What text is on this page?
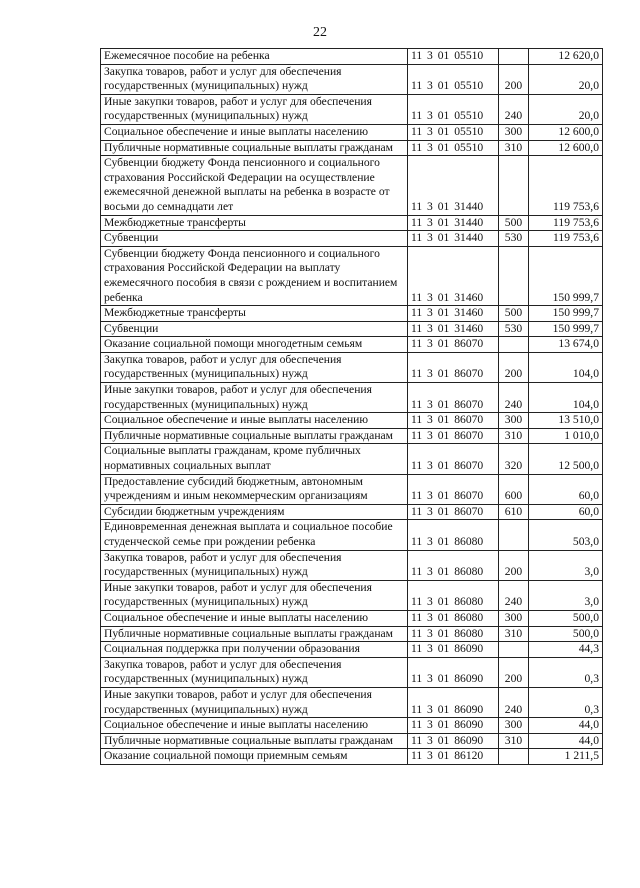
22
Ежемесячное пособие на ребенка	11 3 01 05510		12 620,0
Закупка товаров, работ и услуг для обеспечения государственных (муниципальных) нужд	11 3 01 05510	200	20,0
Иные закупки товаров, работ и услуг для обеспечения государственных (муниципальных) нужд	11 3 01 05510	240	20,0
Социальное обеспечение и иные выплаты населению	11 3 01 05510	300	12 600,0
Публичные нормативные социальные выплаты гражданам	11 3 01 05510	310	12 600,0
Субвенции бюджету Фонда пенсионного и социального страхования Российской Федерации на осуществление ежемесячной денежной выплаты на ребенка в возрасте от восьми до семнадцати лет	11 3 01 31440		119 753,6
Межбюджетные трансферты	11 3 01 31440	500	119 753,6
Субвенции	11 3 01 31440	530	119 753,6
Субвенции бюджету Фонда пенсионного и социального страхования Российской Федерации на выплату ежемесячного пособия в связи с рождением и воспитанием ребенка	11 3 01 31460		150 999,7
Межбюджетные трансферты	11 3 01 31460	500	150 999,7
Субвенции	11 3 01 31460	530	150 999,7
Оказание социальной помощи многодетным семьям	11 3 01 86070		13 674,0
Закупка товаров, работ и услуг для обеспечения государственных (муниципальных) нужд	11 3 01 86070	200	104,0
Иные закупки товаров, работ и услуг для обеспечения государственных (муниципальных) нужд	11 3 01 86070	240	104,0
Социальное обеспечение и иные выплаты населению	11 3 01 86070	300	13 510,0
Публичные нормативные социальные выплаты гражданам	11 3 01 86070	310	1 010,0
Социальные выплаты гражданам, кроме публичных нормативных социальных выплат	11 3 01 86070	320	12 500,0
Предоставление субсидий бюджетным, автономным учреждениям и иным некоммерческим организациям	11 3 01 86070	600	60,0
Субсидии бюджетным учреждениям	11 3 01 86070	610	60,0
Единовременная денежная выплата и социальное пособие студенческой семье при рождении ребенка	11 3 01 86080		503,0
Закупка товаров, работ и услуг для обеспечения государственных (муниципальных) нужд	11 3 01 86080	200	3,0
Иные закупки товаров, работ и услуг для обеспечения государственных (муниципальных) нужд	11 3 01 86080	240	3,0
Социальное обеспечение и иные выплаты населению	11 3 01 86080	300	500,0
Публичные нормативные социальные выплаты гражданам	11 3 01 86080	310	500,0
Социальная поддержка при получении образования	11 3 01 86090		44,3
Закупка товаров, работ и услуг для обеспечения государственных (муниципальных) нужд	11 3 01 86090	200	0,3
Иные закупки товаров, работ и услуг для обеспечения государственных (муниципальных) нужд	11 3 01 86090	240	0,3
Социальное обеспечение и иные выплаты населению	11 3 01 86090	300	44,0
Публичные нормативные социальные выплаты гражданам	11 3 01 86090	310	44,0
Оказание социальной помощи приемным семьям	11 3 01 86120		1 211,5
